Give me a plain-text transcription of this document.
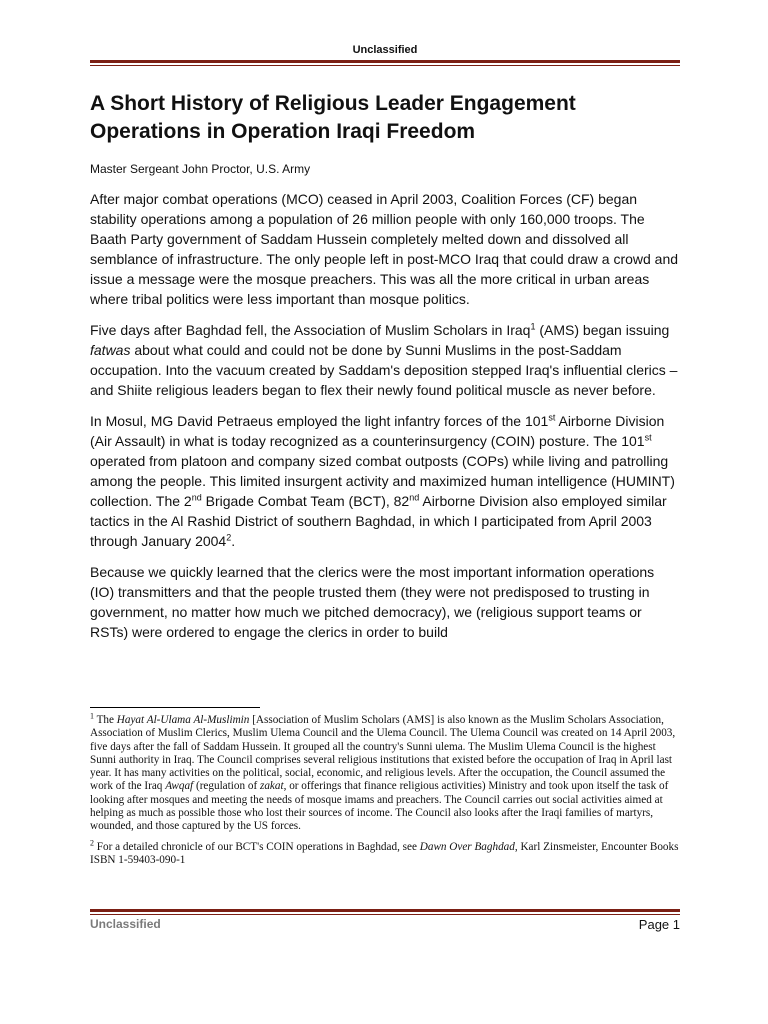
Unclassified
A Short History of Religious Leader Engagement Operations in Operation Iraqi Freedom
Master Sergeant John Proctor, U.S. Army

After major combat operations (MCO) ceased in April 2003, Coalition Forces (CF) began stability operations among a population of 26 million people with only 160,000 troops. The Baath Party government of Saddam Hussein completely melted down and dissolved all semblance of infrastructure. The only people left in post-MCO Iraq that could draw a crowd and issue a message were the mosque preachers. This was all the more critical in urban areas where tribal politics were less important than mosque politics.

Five days after Baghdad fell, the Association of Muslim Scholars in Iraq$^1$ (AMS) began issuing fatwas about what could and could not be done by Sunni Muslims in the post-Saddam occupation. Into the vacuum created by Saddam's deposition stepped Iraq's influential clerics – and Shiite religious leaders began to flex their newly found political muscle as never before.

In Mosul, MG David Petraeus employed the light infantry forces of the 101st Airborne Division (Air Assault) in what is today recognized as a counterinsurgency (COIN) posture. The 101st operated from platoon and company sized combat outposts (COPs) while living and patrolling among the people. This limited insurgent activity and maximized human intelligence (HUMINT) collection. The 2nd Brigade Combat Team (BCT), 82nd Airborne Division also employed similar tactics in the Al Rashid District of southern Baghdad, in which I participated from April 2003 through January 2004$^2$.

Because we quickly learned that the clerics were the most important information operations (IO) transmitters and that the people trusted them (they were not predisposed to trusting in government, no matter how much we pitched democracy), we (religious support teams or RSTs) were ordered to engage the clerics in order to build

$^1$ The Hayat Al-Ulama Al-Muslimin [Association of Muslim Scholars (AMS] is also known as the Muslim Scholars Association, Association of Muslim Clerics, Muslim Ulema Council and the Ulema Council. The Ulema Council was created on 14 April 2003, five days after the fall of Saddam Hussein. It grouped all the country's Sunni ulema. The Muslim Ulema Council is the highest Sunni authority in Iraq. The Council comprises several religious institutions that existed before the occupation of Iraq in April last year. It has many activities on the political, social, economic, and religious levels. After the occupation, the Council assumed the work of the Iraq Awqaf (regulation of zakat, or offerings that finance religious activities) Ministry and took upon itself the task of looking after mosques and meeting the needs of mosque imams and preachers. The Council carries out social activities aimed at helping as much as possible those who lost their sources of income. The Council also looks after the Iraqi families of martyrs, wounded, and those captured by the US forces.

$^2$ For a detailed chronicle of our BCT's COIN operations in Baghdad, see Dawn Over Baghdad, Karl Zinsmeister, Encounter Books ISBN 1-59403-090-1

Unclassified	Page 1
